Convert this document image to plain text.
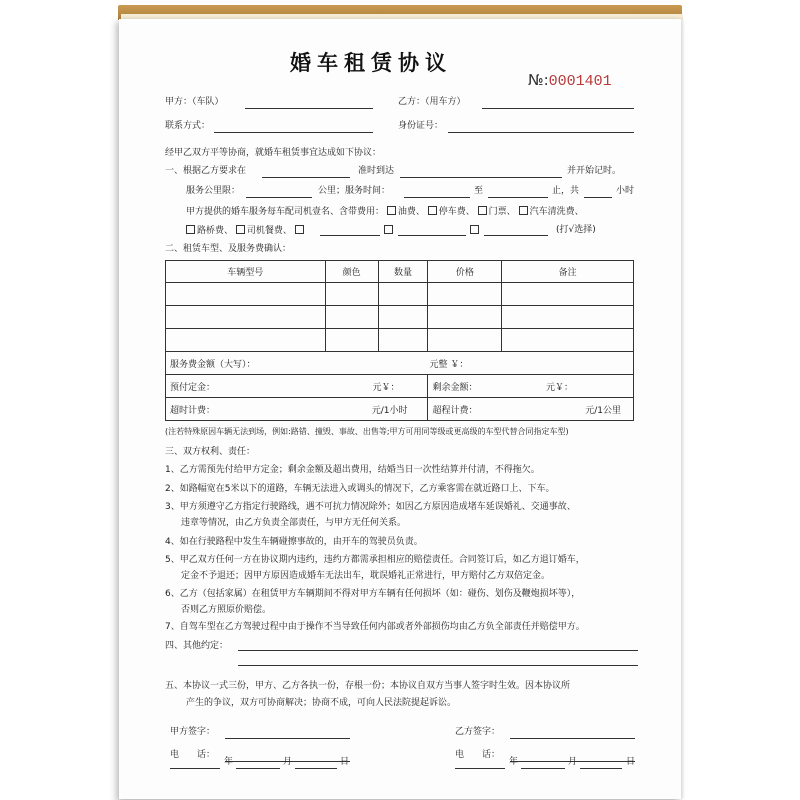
婚车租赁协议
№:0001401
甲方：（车队）	乙方：（用车方）
联系方式：	身份证号：
经甲乙双方平等协商，就婚车租赁事宜达成如下协议：
一、根据乙方要求在	准时到达	并开始记时。
服务公里限：	公里；服务时间：	至	止，共	小时
甲方提供的婚车服务每车配司机壹名、含带费用： 油费、 停车费、 门票、 汽车清洗费、
路桥费、 司机餐费、	(打√选择)
二、租赁车型、及服务费确认：
车辆型号	颜色	数量	价格	备注

服务费金额（大写）： 元整 ￥：				

预付定金： 元￥：			剩余金额： 元￥：	

超时计费： 元/1小时			超程计费： 元/1公里	
(注若特殊原因车辆无法到场，例如:路错、撞毁、事故、出售等;甲方可用同等级或更高级的车型代替合同指定车型)
三、双方权利、责任：
1、乙方需预先付给甲方定金；剩余金额及超出费用，结婚当日一次性结算并付清，不得拖欠。
2、如路幅宽在5米以下的道路，车辆无法进入或调头的情况下，乙方乘客需在就近路口上、下车。
3、甲方须遵守乙方指定行驶路线，遇不可抗力情况除外；如因乙方原因造成堵车延误婚礼、交通事故、
违章等情况，由乙方负责全部责任，与甲方无任何关系。
4、如在行驶路程中发生车辆碰擦事故的，由开车的驾驶员负责。
5、甲乙双方任何一方在协议期内违约，违约方都需承担相应的赔偿责任。合同签订后，如乙方退订婚车，
定金不予退还；因甲方原因造成婚车无法出车，耽误婚礼正常进行，甲方赔付乙方双倍定金。
6、乙方（包括家属）在租赁甲方车辆期间不得对甲方车辆有任何损坏（如：碰伤、划伤及鞭炮损坏等），
否则乙方照原价赔偿。
7、自驾车型在乙方驾驶过程中由于操作不当导致任何内部或者外部损伤均由乙方负全部责任并赔偿甲方。
四、其他约定：
五、本协议一式三份，甲方、乙方各执一份，存根一份；本协议自双方当事人签字时生效。因本协议所
产生的争议，双方可协商解决；协商不成，可向人民法院提起诉讼。
甲方签字：	乙方签字：
电　　话：	电　　话：
年	月	日	年	月	日
